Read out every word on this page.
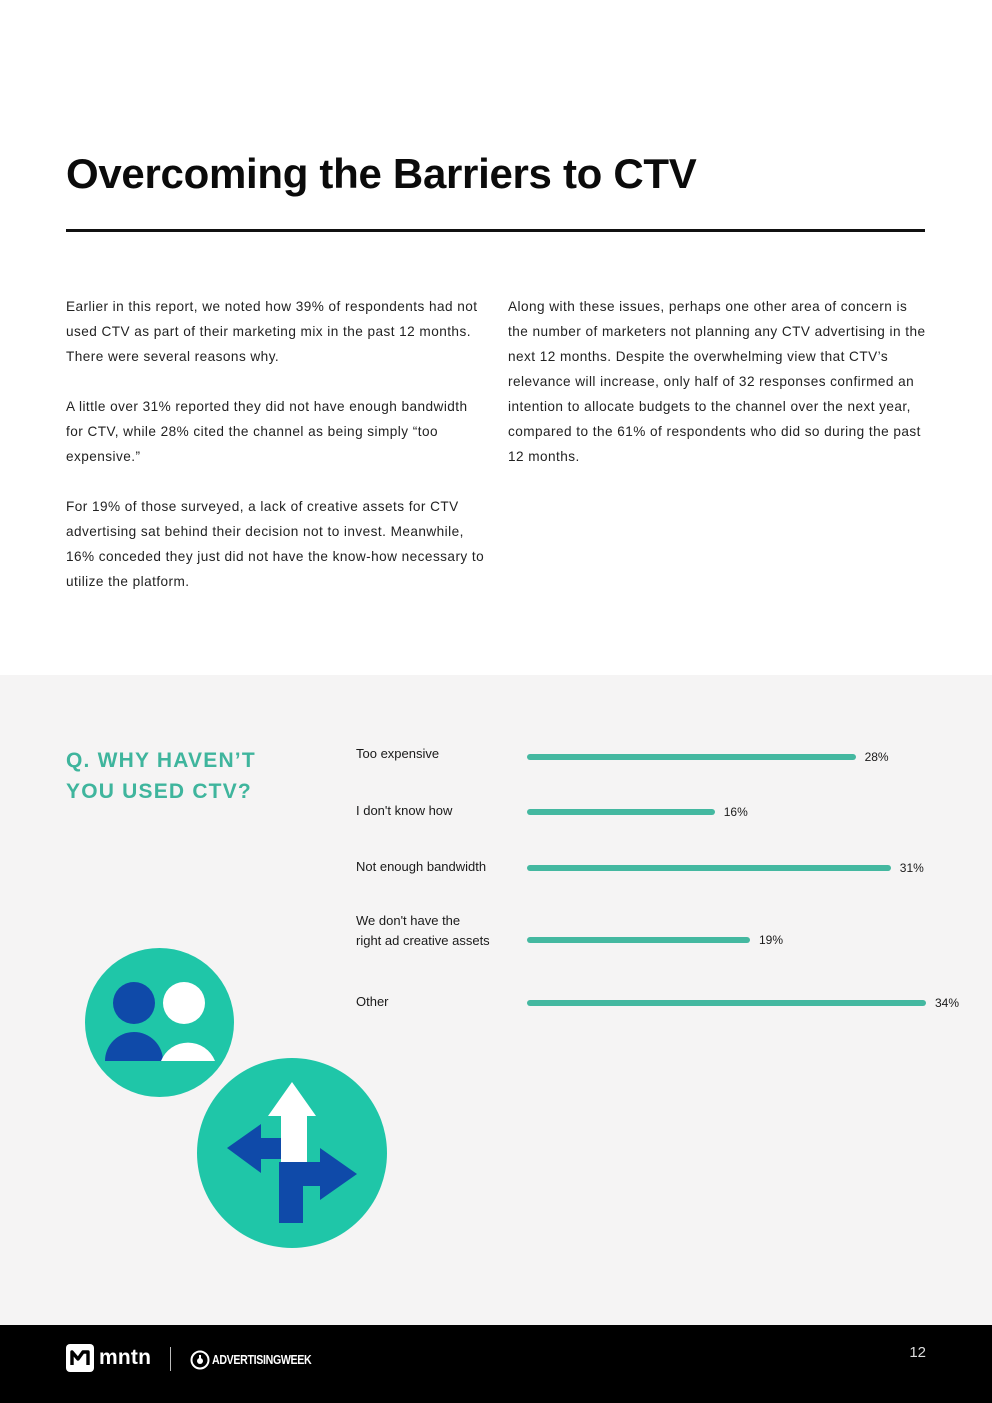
Overcoming the Barriers to CTV

Earlier in this report, we noted how 39% of respondents had not used CTV as part of their marketing mix in the past 12 months. There were several reasons why.

A little over 31% reported they did not have enough bandwidth for CTV, while 28% cited the channel as being simply “too expensive.”

For 19% of those surveyed, a lack of creative assets for CTV advertising sat behind their decision not to invest. Meanwhile, 16% conceded they just did not have the know-how necessary to utilize the platform.

Along with these issues, perhaps one other area of concern is the number of marketers not planning any CTV advertising in the next 12 months. Despite the overwhelming view that CTV’s relevance will increase, only half of 32 responses confirmed an intention to allocate budgets to the channel over the next year, compared to the 61% of respondents who did so during the past 12 months.

Q. WHY HAVEN’T
YOU USED CTV?
Too expensive	28%
I don't know how	16%
Not enough bandwidth	31%
We don't have the
right ad creative assets	19%
Other	34%
mntn	ADVERTISINGWEEK	12
